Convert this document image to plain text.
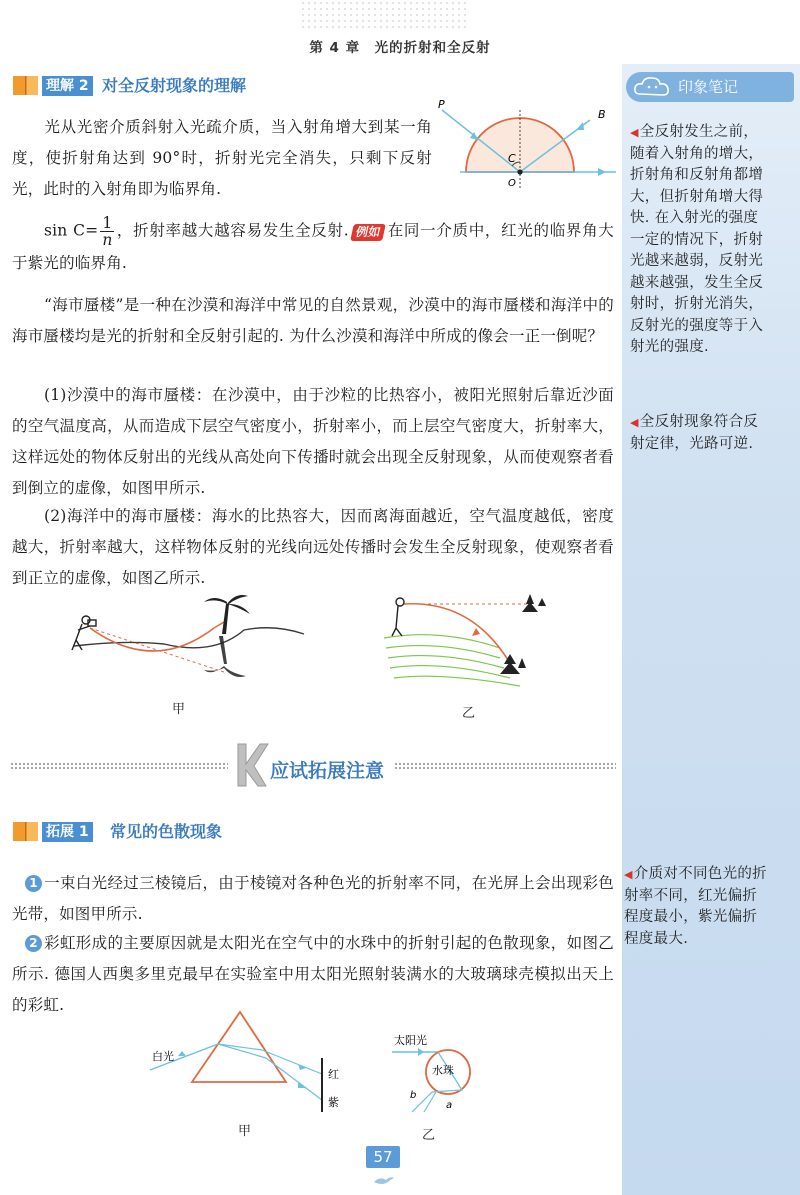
第 4 章　光的折射和全反射
印象笔记
◀全反射发生之前，随着入射角的增大，折射角和反射角都增大，但折射角增大得快. 在入射光的强度一定的情况下，折射光越来越弱，反射光越来越强，发生全反射时，折射光消失，反射光的强度等于入射光的强度.
◀全反射现象符合反射定律，光路可逆.
◀介质对不同色光的折射率不同，红光偏折程度最小，紫光偏折程度最大.
理解 2 对全反射现象的理解
P
B
C
O
光从光密介质斜射入光疏介质，当入射角增大到某一角度，使折射角达到 90°时，折射光完全消失，只剩下反射光，此时的入射角即为临界角.
$\sin C= \frac{1}{n}$ ，折射率越大越容易发生全反射. 例如 在同一介质中，红光的临界角大于紫光的临界角.
“海市蜃楼”是一种在沙漠和海洋中常见的自然景观，沙漠中的海市蜃楼和海洋中的海市蜃楼均是光的折射和全反射引起的. 为什么沙漠和海洋中所成的像会一正一倒呢？
(1)沙漠中的海市蜃楼：在沙漠中，由于沙粒的比热容小，被阳光照射后靠近沙面的空气温度高，从而造成下层空气密度小，折射率小，而上层空气密度大，折射率大，这样远处的物体反射出的光线从高处向下传播时就会出现全反射现象，从而使观察者看到倒立的虚像，如图甲所示.
(2)海洋中的海市蜃楼：海水的比热容大，因而离海面越近，空气温度越低，密度越大，折射率越大，这样物体反射的光线向远处传播时会发生全反射现象，使观察者看到正立的虚像，如图乙所示.
甲	乙
应试拓展注意
拓展 1 常见的色散现象
1 一束白光经过三棱镜后，由于棱镜对各种色光的折射率不同，在光屏上会出现彩色光带，如图甲所示.
2 彩虹形成的主要原因就是太阳光在空气中的水珠中的折射引起的色散现象，如图乙所示. 德国人西奥多里克最早在实验室中用太阳光照射装满水的大玻璃球壳模拟出天上的彩虹.
白光
红
紫
甲
太阳光
水珠
b
a
乙
57
